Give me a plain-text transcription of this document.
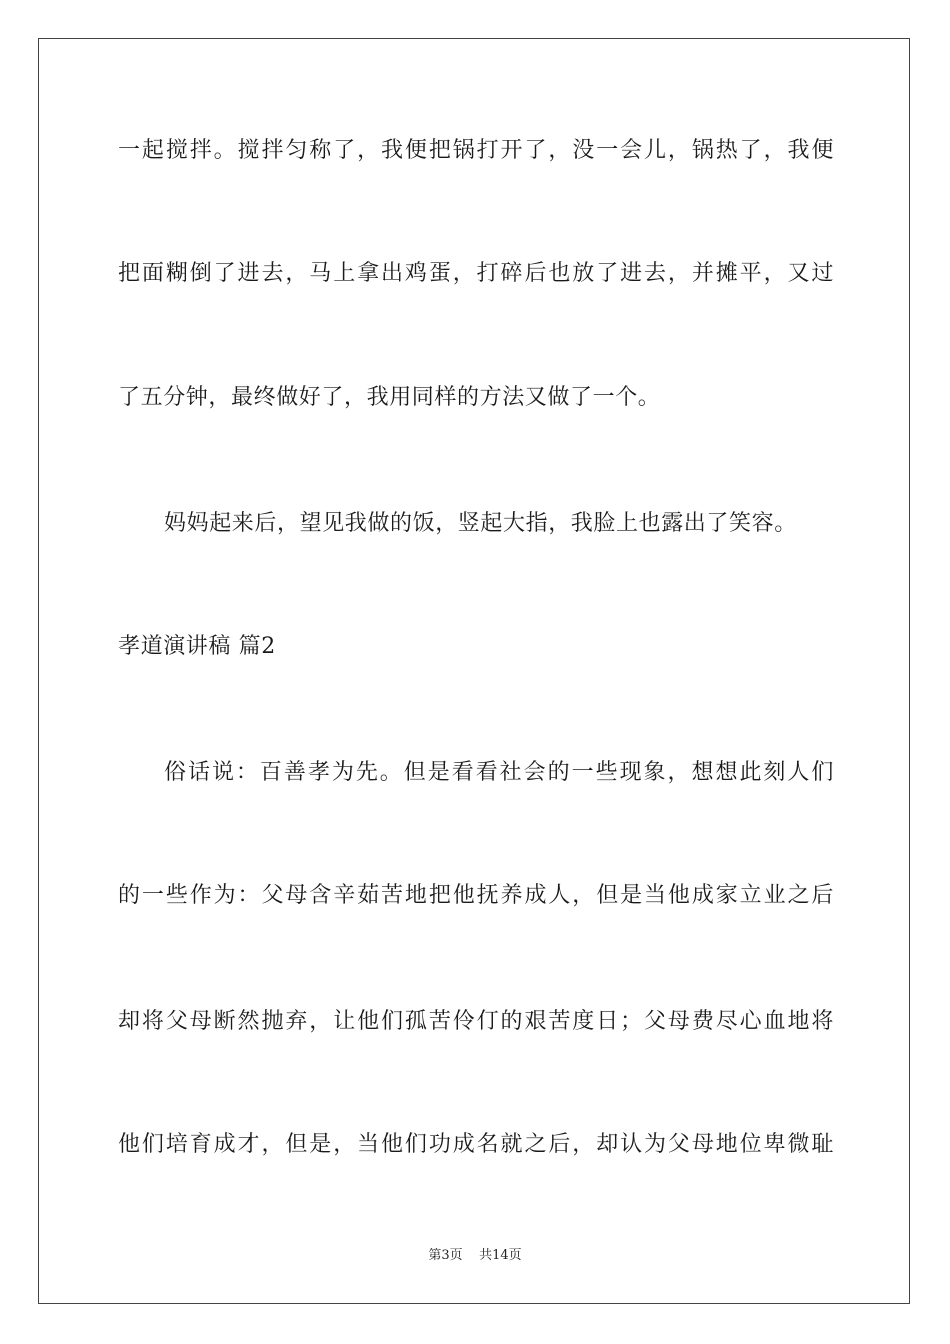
一起搅拌。搅拌匀称了，我便把锅打开了，没一会儿，锅热了，我便
把面糊倒了进去，马上拿出鸡蛋，打碎后也放了进去，并摊平，又过
了五分钟，最终做好了，我用同样的方法又做了一个。
妈妈起来后，望见我做的饭，竖起大指，我脸上也露出了笑容。
孝道演讲稿 篇2
俗话说：百善孝为先。但是看看社会的一些现象，想想此刻人们
的一些作为：父母含辛茹苦地把他抚养成人，但是当他成家立业之后
却将父母断然抛弃，让他们孤苦伶仃的艰苦度日；父母费尽心血地将
他们培育成才，但是，当他们功成名就之后，却认为父母地位卑微耻
第3页    共14页
